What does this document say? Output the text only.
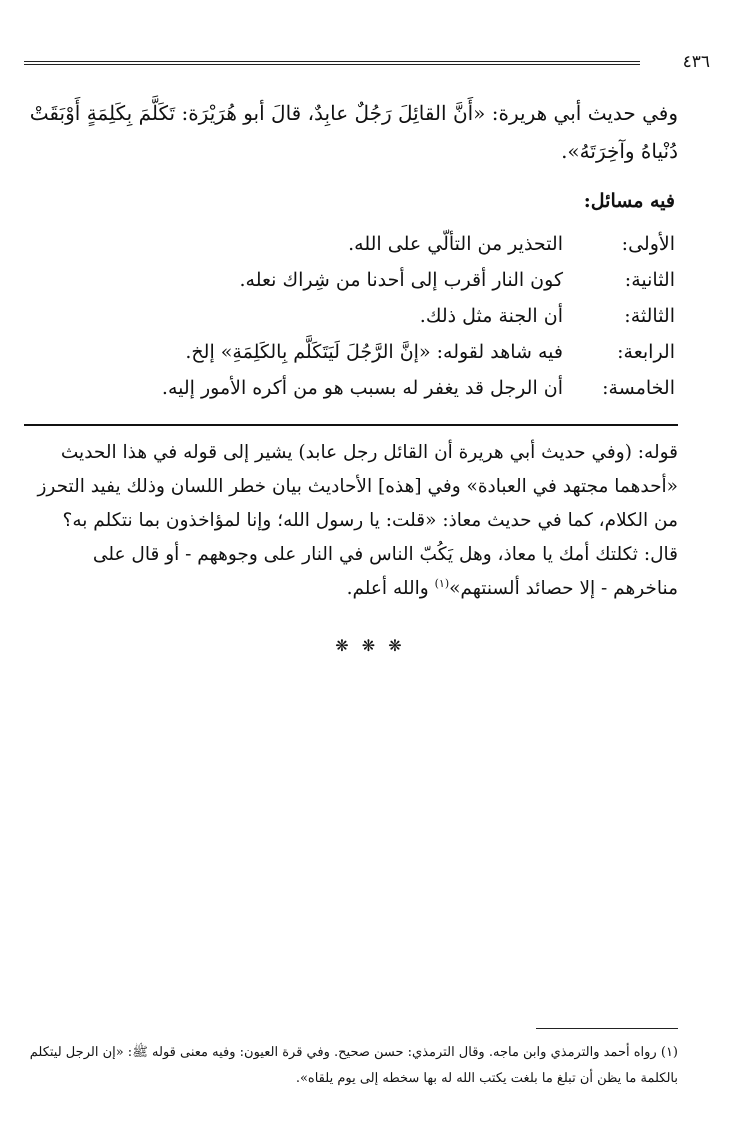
٤٣٦
وفي حديث أبي هريرة: «أَنَّ القائِلَ رَجُلٌ عابِدٌ، قالَ أبو هُرَيْرَة: تَكَلَّمَ بِكَلِمَةٍ أَوْبَقَتْ دُنْياهُ وآخِرَتَهُ».
فيه مسائل:
الأولى:
التحذير من التألّي على الله.
الثانية:
كون النار أقرب إلى أحدنا من شِراك نعله.
الثالثة:
أن الجنة مثل ذلك.
الرابعة:
فيه شاهد لقوله: «إنَّ الرَّجُلَ لَيَتَكَلَّم بِالكَلِمَةِ» إلخ.
الخامسة:
أن الرجل قد يغفر له بسبب هو من أكره الأمور إليه.
قوله: (وفي حديث أبي هريرة أن القائل رجل عابد) يشير إلى قوله في هذا الحديث «أحدهما مجتهد في العبادة» وفي [هذه] الأحاديث بيان خطر اللسان وذلك يفيد التحرز من الكلام، كما في حديث معاذ: «قلت: يا رسول الله؛ وإنا لمؤاخذون بما نتكلم به؟ قال: ثكلتك أمك يا معاذ، وهل يَكُبّ الناس في النار على وجوههم - أو قال على مناخرهم - إلا حصائد ألسنتهم»$^{(١)}$ والله أعلم.
❋ ❋ ❋
(١) رواه أحمد والترمذي وابن ماجه. وقال الترمذي: حسن صحيح. وفي قرة العيون: وفيه معنى قوله ﷺ: «إن الرجل ليتكلم بالكلمة ما يظن أن تبلغ ما بلغت يكتب الله له بها سخطه إلى يوم يلقاه».
